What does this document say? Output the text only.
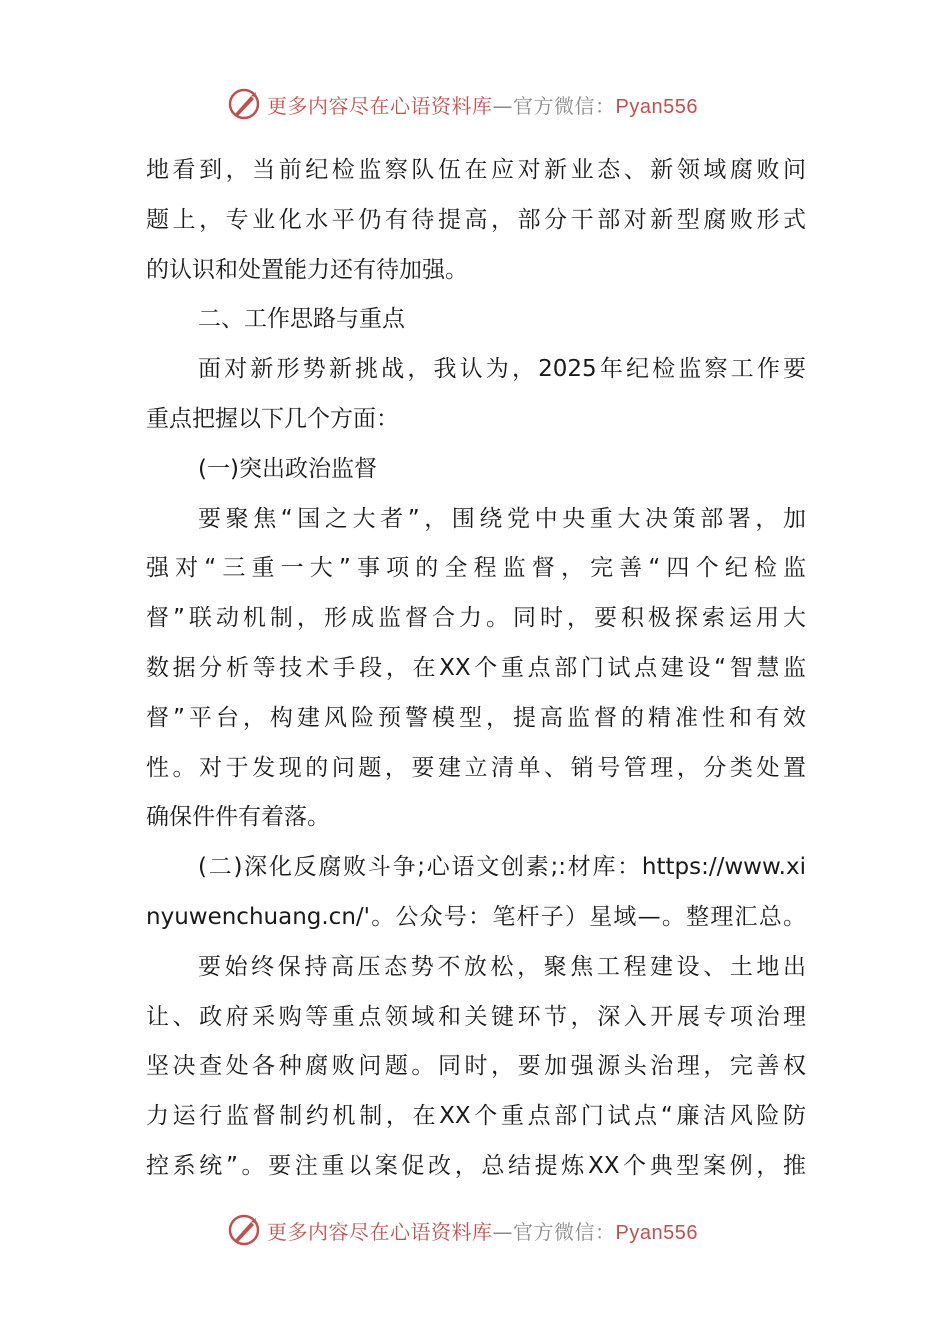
更多内容尽在心语资料库—官方微信：Pyan556
地看到，当前纪检监察队伍在应对新业态、新领域腐败问
题上，专业化水平仍有待提高，部分干部对新型腐败形式
的认识和处置能力还有待加强。
二、工作思路与重点
面对新形势新挑战，我认为，2025年纪检监察工作要
重点把握以下几个方面：
(一)突出政治监督
要聚焦“国之大者”，围绕党中央重大决策部署，加
强对“三重一大”事项的全程监督，完善“四个纪检监
督”联动机制，形成监督合力。同时，要积极探索运用大
数据分析等技术手段，在XX个重点部门试点建设“智慧监
督”平台，构建风险预警模型，提高监督的精准性和有效
性。对于发现的问题，要建立清单、销号管理，分类处置
确保件件有着落。
(二)深化反腐败斗争;心语文创素;:材库：https://www.xi
nyuwenchuang.cn/'。公众号：笔杆子）星域—。整理汇总。
要始终保持高压态势不放松，聚焦工程建设、土地出
让、政府采购等重点领域和关键环节，深入开展专项治理
坚决查处各种腐败问题。同时，要加强源头治理，完善权
力运行监督制约机制，在XX个重点部门试点“廉洁风险防
控系统”。要注重以案促改，总结提炼XX个典型案例，推
更多内容尽在心语资料库—官方微信：Pyan556
